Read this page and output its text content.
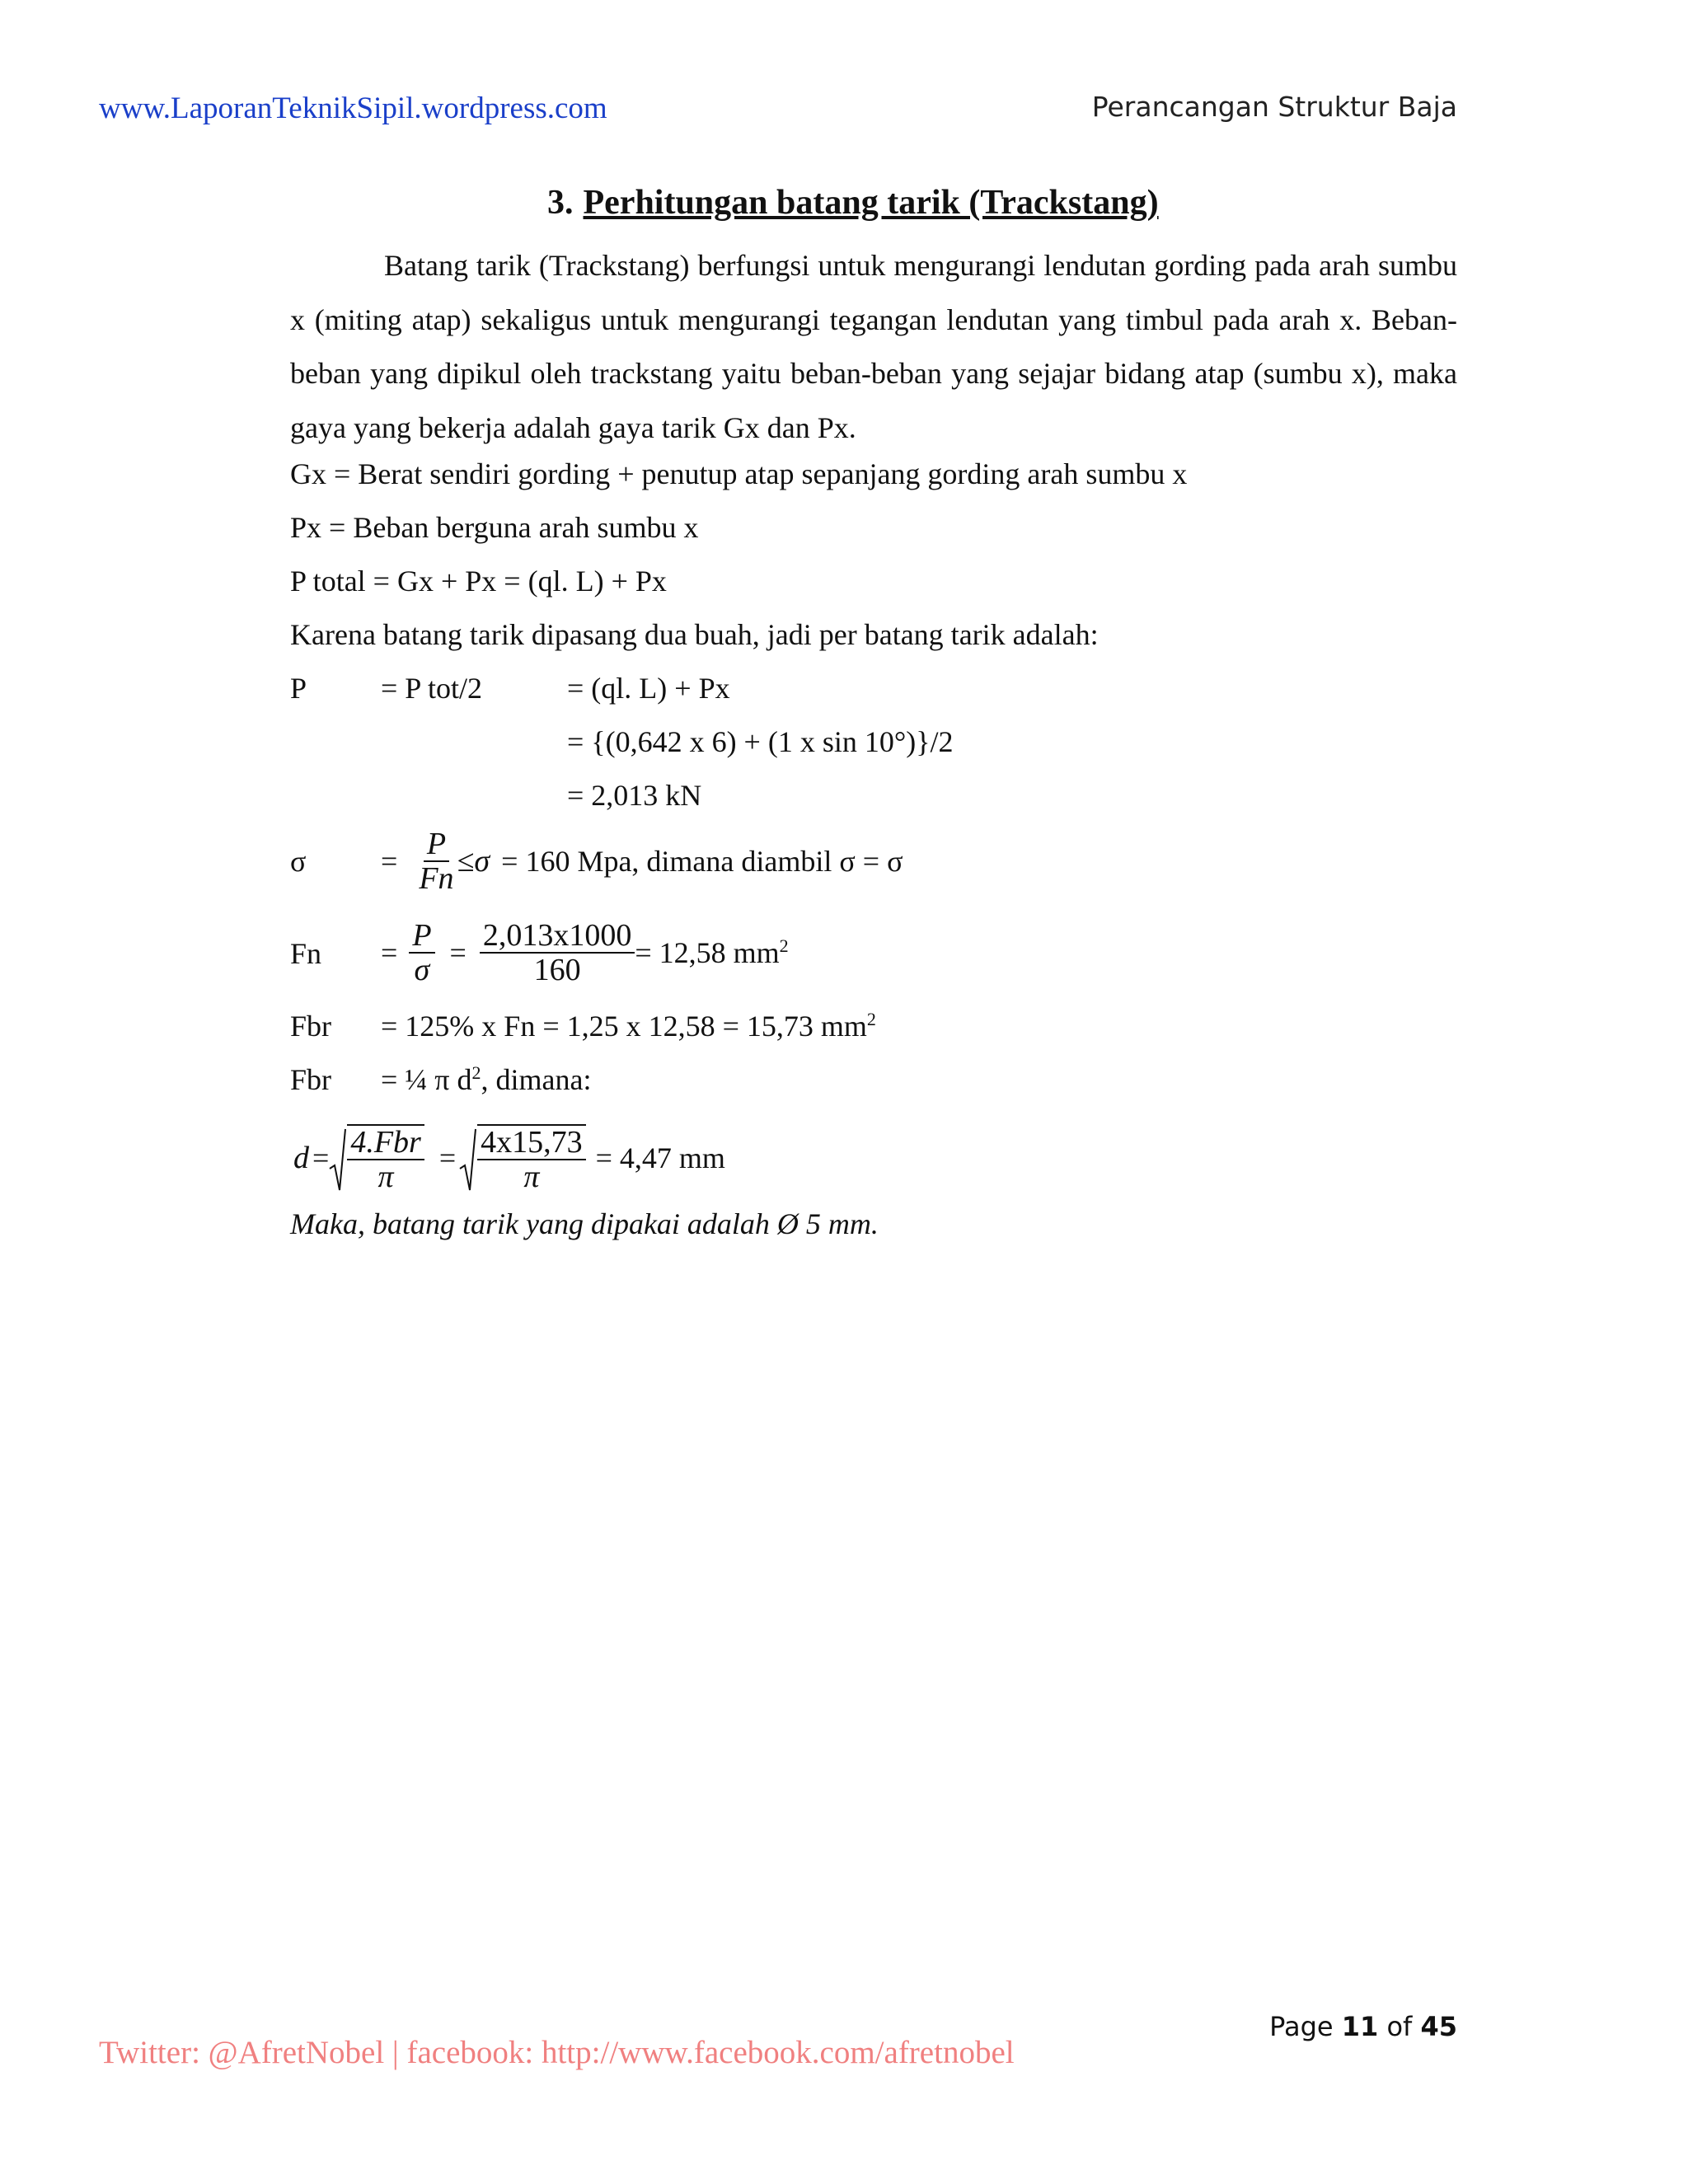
www.LaporanTeknikSipil.wordpress.com	Perancangan Struktur Baja
3. Perhitungan batang tarik (Trackstang)
Batang tarik (Trackstang) berfungsi untuk mengurangi lendutan gording pada arah sumbu x (miting atap) sekaligus untuk mengurangi tegangan lendutan yang timbul pada arah x. Beban-beban yang dipikul oleh trackstang yaitu beban-beban yang sejajar bidang atap (sumbu x), maka gaya yang bekerja adalah gaya tarik Gx dan Px.
Gx = Berat sendiri gording + penutup atap sepanjang gording arah sumbu x
Px = Beban berguna arah sumbu x
P total = Gx + Px = (ql. L) + Px
Karena batang tarik dipasang dua buah, jadi per batang tarik adalah:
P = P tot/2	= (ql. L) + Px
= {(0,642 x 6) + (1 x sin 10°)}/2
= 2,013 kN
σ	= $\frac{P}{Fn} \le\sigma = 160$ Mpa, dimana diambil σ = σ
$Fn = \frac{P}{\sigma} = \frac{2,013x1000}{160} = 12,58$ $mm^2$
Fbr = 125% x Fn = 1,25 x 12,58 = 15,73 $mm^2$
Fbr = ¼ π $d^2$, dimana:
$d = \frac{\text{4.Fbr}}{\pi} = \frac{4x15,73}{\pi} = 4,47$ mm
Maka, batang tarik yang dipakai adalah Ø 5 mm.
Page 11 of 45
Twitter: @AfretNobel | facebook: http://www.facebook.com/afretnobel
